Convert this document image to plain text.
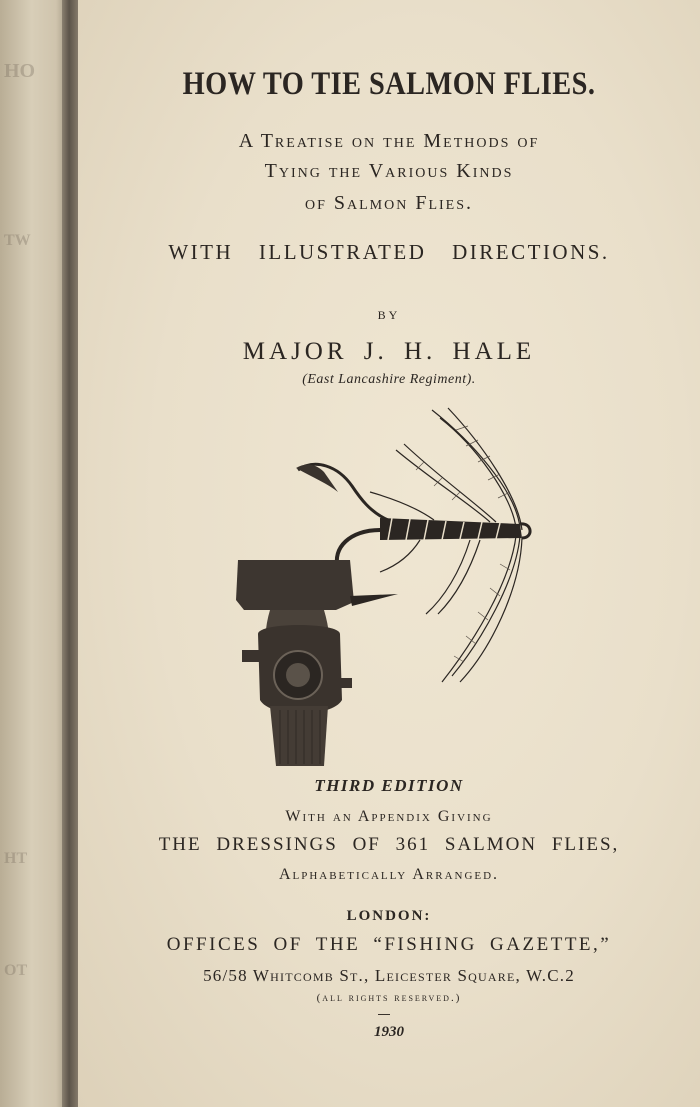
HO
TW
HT
OT
HOW TO TIE SALMON FLIES.
A Treatise on the Methods of
Tying the Various Kinds
of Salmon Flies.
WITH ILLUSTRATED DIRECTIONS.
BY
MAJOR J. H. HALE
(East Lancashire Regiment).
THIRD EDITION
With an Appendix Giving
THE DRESSINGS OF 361 SALMON FLIES,
Alphabetically Arranged.
LONDON:
OFFICES OF THE “FISHING GAZETTE,”
56/58 Whitcomb St., Leicester Square, W.C.2
(all rights reserved.)
1930
